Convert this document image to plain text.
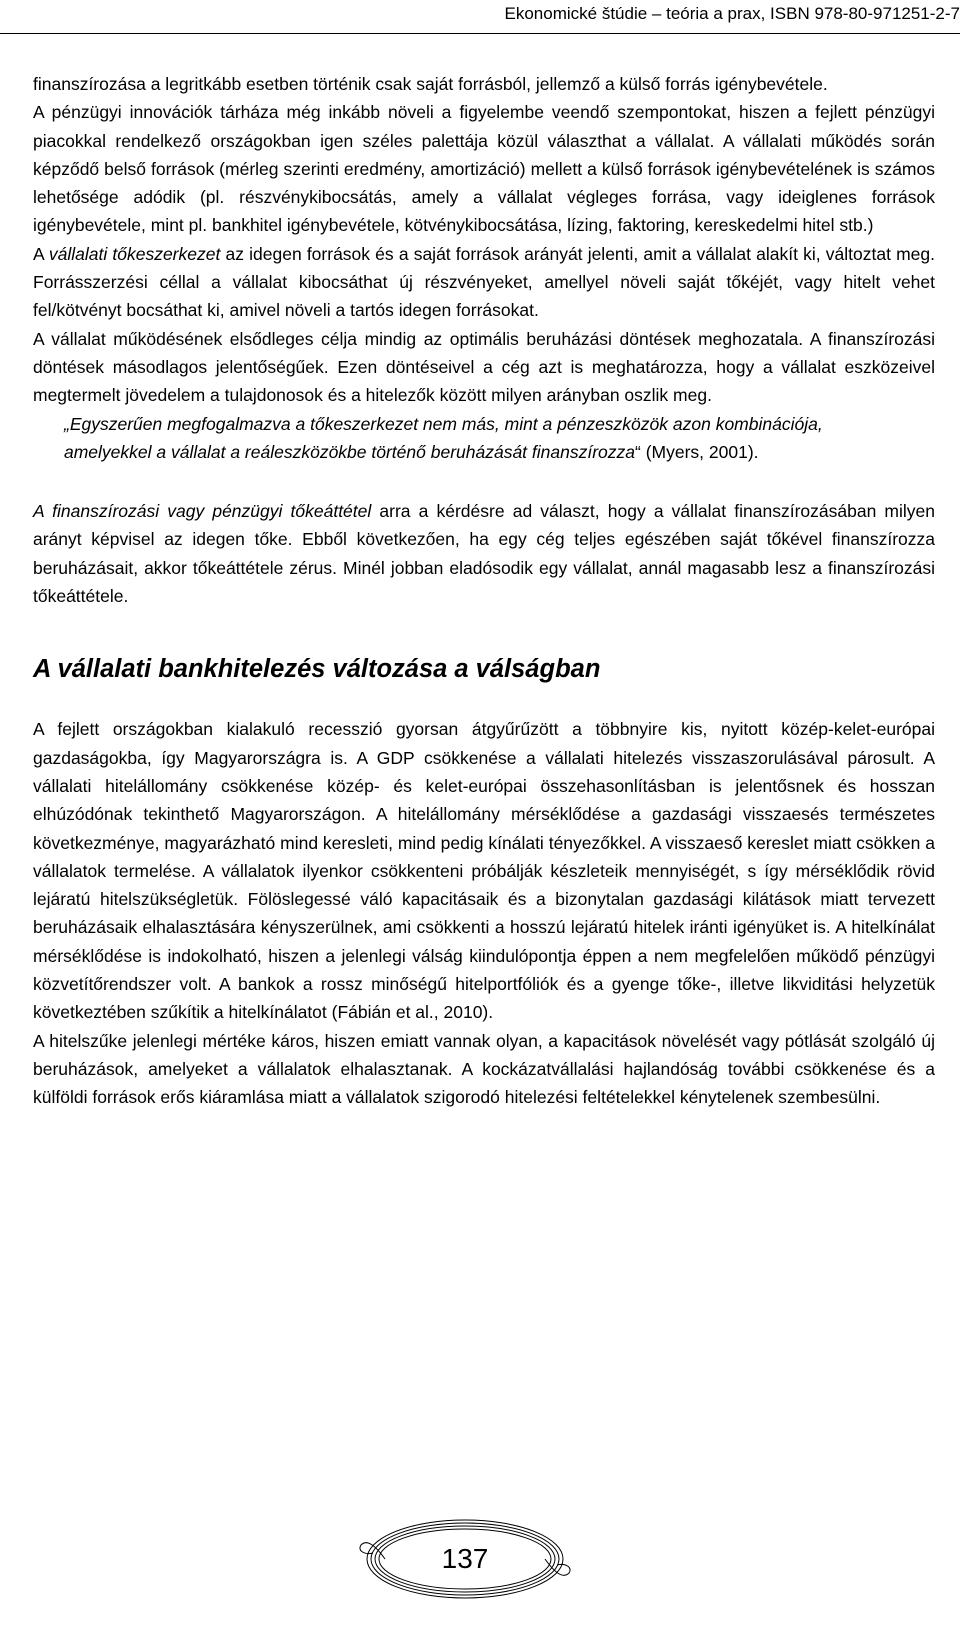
Ekonomické štúdie – teória a prax, ISBN 978-80-971251-2-7

finanszírozása a legritkább esetben történik csak saját forrásból, jellemző a külső forrás igénybevétele.

A pénzügyi innovációk tárháza még inkább növeli a figyelembe veendő szempontokat, hiszen a fejlett pénzügyi piacokkal rendelkező országokban igen széles palettája közül választhat a vállalat. A vállalati működés során képződő belső források (mérleg szerinti eredmény, amortizáció) mellett a külső források igénybevételének is számos lehetősége adódik (pl. részvénykibocsátás, amely a vállalat végleges forrása, vagy ideiglenes források igénybevétele, mint pl. bankhitel igénybevétele, kötvénykibocsátása, lízing, faktoring, kereskedelmi hitel stb.)

A vállalati tőkeszerkezet az idegen források és a saját források arányát jelenti, amit a vállalat alakít ki, változtat meg. Forrásszerzési céllal a vállalat kibocsáthat új részvényeket, amellyel növeli saját tőkéjét, vagy hitelt vehet fel/kötvényt bocsáthat ki, amivel növeli a tartós idegen forrásokat.

A vállalat működésének elsődleges célja mindig az optimális beruházási döntések meghozatala. A finanszírozási döntések másodlagos jelentőségűek. Ezen döntéseivel a cég azt is meghatározza, hogy a vállalat eszközeivel megtermelt jövedelem a tulajdonosok és a hitelezők között milyen arányban oszlik meg.

„Egyszerűen megfogalmazva a tőkeszerkezet nem más, mint a pénzeszközök azon kombinációja, amelyekkel a vállalat a reáleszközökbe történő beruházását finanszírozza“ (Myers, 2001).

A finanszírozási vagy pénzügyi tőkeáttétel arra a kérdésre ad választ, hogy a vállalat finanszírozásában milyen arányt képvisel az idegen tőke. Ebből következően, ha egy cég teljes egészében saját tőkével finanszírozza beruházásait, akkor tőkeáttétele zérus. Minél jobban eladósodik egy vállalat, annál magasabb lesz a finanszírozási tőkeáttétele.

A vállalati bankhitelezés változása a válságban

A fejlett országokban kialakuló recesszió gyorsan átgyűrűzött a többnyire kis, nyitott közép-kelet-európai gazdaságokba, így Magyarországra is. A GDP csökkenése a vállalati hitelezés visszaszorulásával párosult. A vállalati hitelállomány csökkenése közép- és kelet-európai összehasonlításban is jelentősnek és hosszan elhúzódónak tekinthető Magyarországon. A hitelállomány mérséklődése a gazdasági visszaesés természetes következménye, magyarázható mind keresleti, mind pedig kínálati tényezőkkel. A visszaeső kereslet miatt csökken a vállalatok termelése. A vállalatok ilyenkor csökkenteni próbálják készleteik mennyiségét, s így mérséklődik rövid lejáratú hitelszükségletük. Fölöslegessé váló kapacitásaik és a bizonytalan gazdasági kilátások miatt tervezett beruházásaik elhalasztására kényszerülnek, ami csökkenti a hosszú lejáratú hitelek iránti igényüket is. A hitelkínálat mérséklődése is indokolható, hiszen a jelenlegi válság kiindulópontja éppen a nem megfelelően működő pénzügyi közvetítőrendszer volt. A bankok a rossz minőségű hitelportfóliók és a gyenge tőke-, illetve likviditási helyzetük következtében szűkítik a hitelkínálatot (Fábián et al., 2010).

A hitelszűke jelenlegi mértéke káros, hiszen emiatt vannak olyan, a kapacitások növelését vagy pótlását szolgáló új beruházások, amelyeket a vállalatok elhalasztanak. A kockázatvállalási hajlandóság további csökkenése és a külföldi források erős kiáramlása miatt a vállalatok szigorodó hitelezési feltételekkel kénytelenek szembesülni.

137
